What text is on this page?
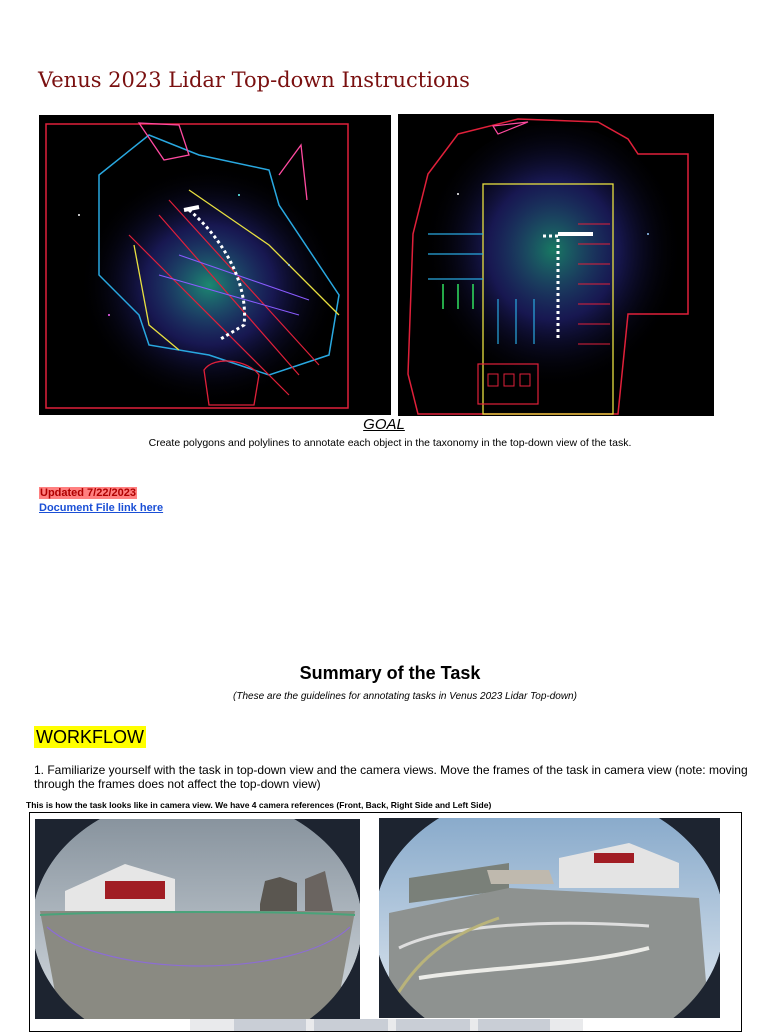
Venus 2023 Lidar Top-down Instructions
GOAL
Create polygons and polylines to annotate each object in the taxonomy in the top-down view of the task.
Updated 7/22/2023
Document File link here
Summary of the Task
(These are the guidelines for annotating tasks in Venus 2023 Lidar Top-down)
WORKFLOW
1. Familiarize yourself with the task in top-down view and the camera views. Move the frames of the task in camera view (note: moving through the frames does not affect the top-down view)
This is how the task looks like in camera view. We have 4 camera references (Front, Back, Right Side and Left Side)
